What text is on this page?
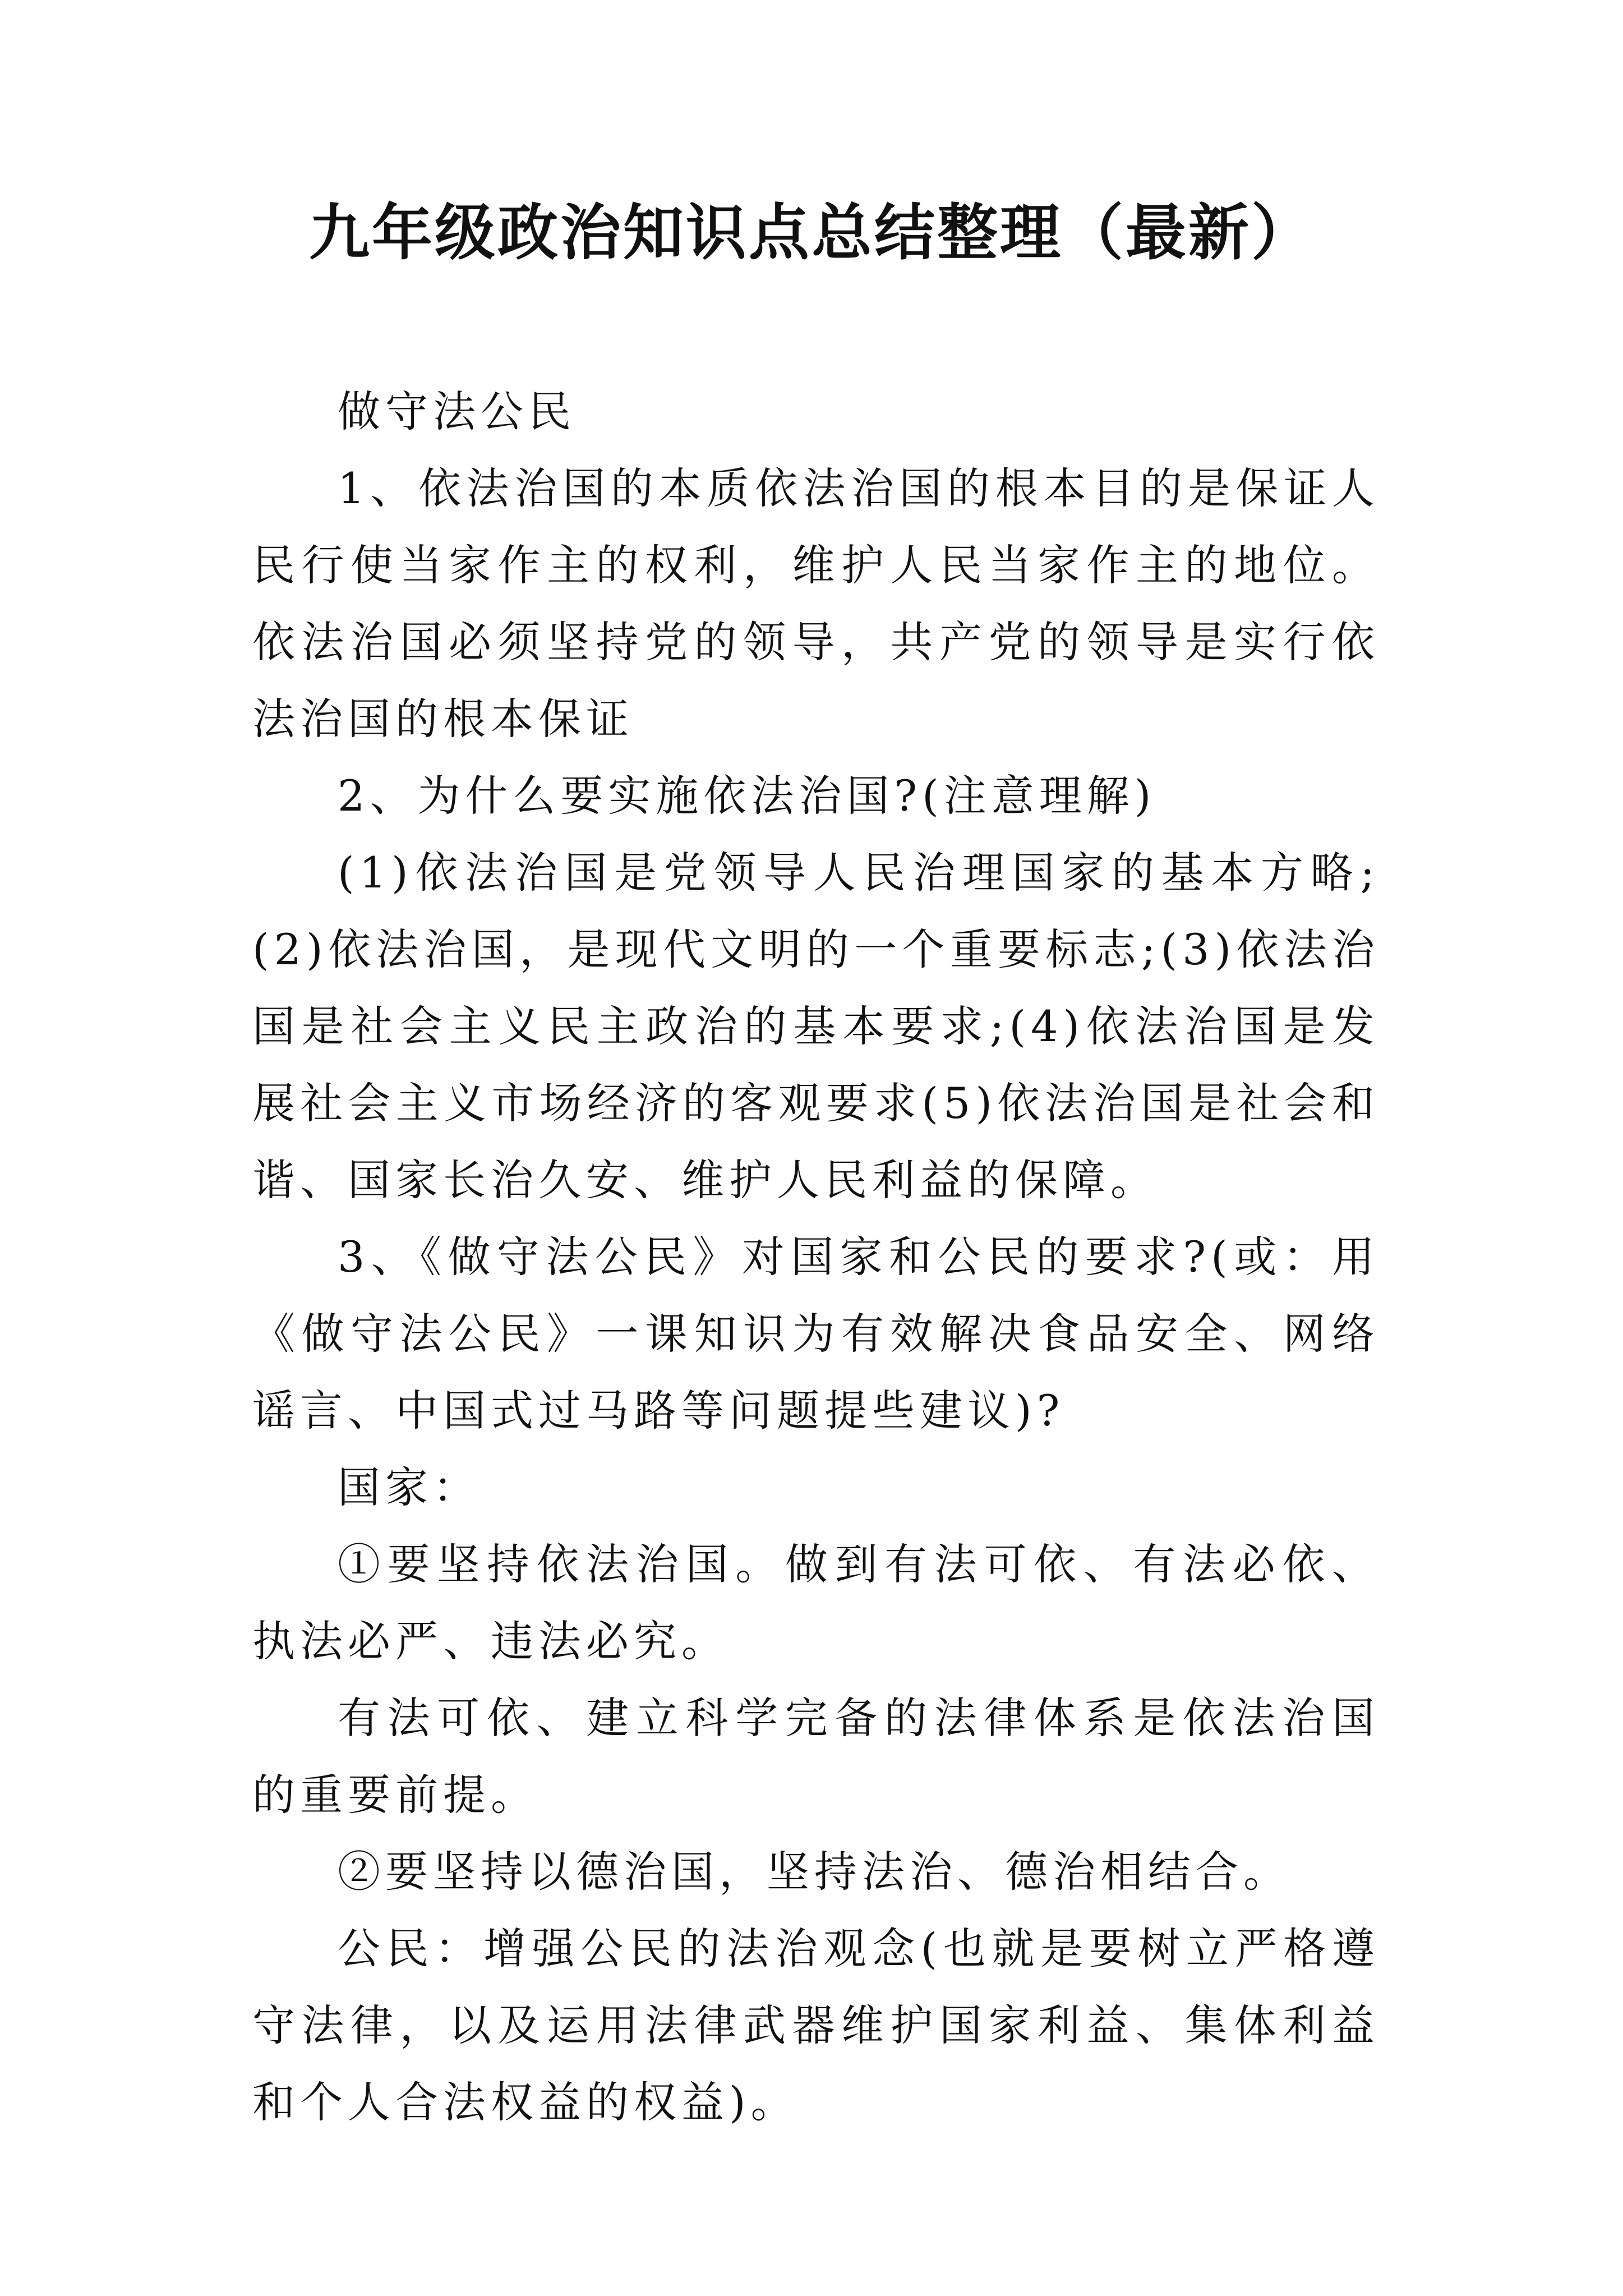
九年级政治知识点总结整理（最新）

做守法公民

1、依法治国的本质依法治国的根本目的是保证人民行使当家作主的权利，维护人民当家作主的地位。依法治国必须坚持党的领导，共产党的领导是实行依法治国的根本保证

2、为什么要实施依法治国?(注意理解)

(1)依法治国是党领导人民治理国家的基本方略;(2)依法治国，是现代文明的一个重要标志;(3)依法治国是社会主义民主政治的基本要求;(4)依法治国是发展社会主义市场经济的客观要求(5)依法治国是社会和谐、国家长治久安、维护人民利益的保障。

3、《做守法公民》对国家和公民的要求?(或：用《做守法公民》一课知识为有效解决食品安全、网络谣言、中国式过马路等问题提些建议)?

国家：

①要坚持依法治国。做到有法可依、有法必依、执法必严、违法必究。

有法可依、建立科学完备的法律体系是依法治国的重要前提。

②要坚持以德治国，坚持法治、德治相结合。

公民：增强公民的法治观念(也就是要树立严格遵守法律，以及运用法律武器维护国家利益、集体利益和个人合法权益的权益)。
